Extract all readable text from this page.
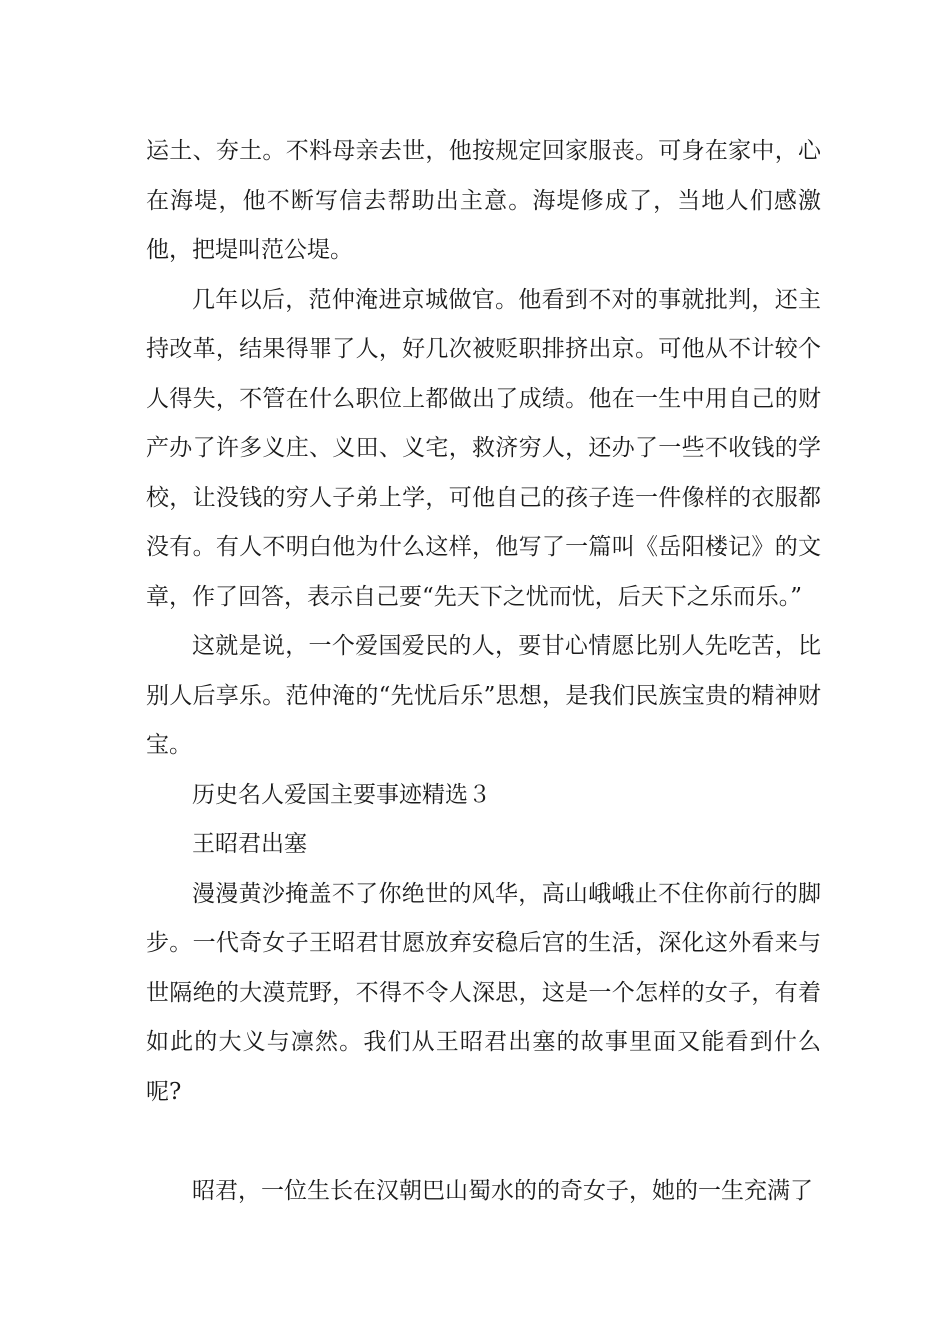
运土、夯土。不料母亲去世，他按规定回家服丧。可身在家中，心在海堤，他不断写信去帮助出主意。海堤修成了，当地人们感激他，把堤叫范公堤。

几年以后，范仲淹进京城做官。他看到不对的事就批判，还主持改革，结果得罪了人，好几次被贬职排挤出京。可他从不计较个人得失，不管在什么职位上都做出了成绩。他在一生中用自己的财产办了许多义庄、义田、义宅，救济穷人，还办了一些不收钱的学校，让没钱的穷人子弟上学，可他自己的孩子连一件像样的衣服都没有。有人不明白他为什么这样，他写了一篇叫《岳阳楼记》的文章，作了回答，表示自己要“先天下之忧而忧，后天下之乐而乐。”

这就是说，一个爱国爱民的人，要甘心情愿比别人先吃苦，比别人后享乐。范仲淹的“先忧后乐”思想，是我们民族宝贵的精神财宝。

历史名人爱国主要事迹精选３

王昭君出塞

漫漫黄沙掩盖不了你绝世的风华，高山峨峨止不住你前行的脚步。一代奇女子王昭君甘愿放弃安稳后宫的生活，深化这外看来与世隔绝的大漠荒野，不得不令人深思，这是一个怎样的女子，有着如此的大义与凛然。我们从王昭君出塞的故事里面又能看到什么呢?

昭君，一位生长在汉朝巴山蜀水的的奇女子，她的一生充满了
